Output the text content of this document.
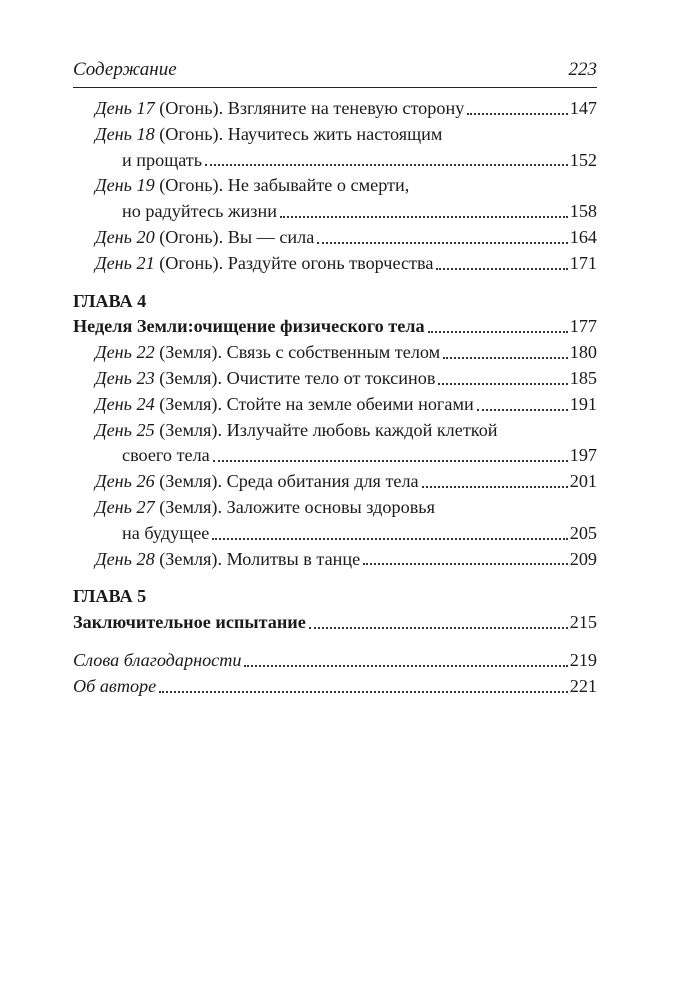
Содержание	223
День 17 (Огонь). Взгляните на теневую сторону	147
День 18 (Огонь). Научитесь жить настоящим
и прощать	152
День 19 (Огонь). Не забывайте о смерти,
но радуйтесь жизни	158
День 20 (Огонь). Вы — сила	164
День 21 (Огонь). Раздуйте огонь творчества	171
ГЛАВА 4
Неделя Земли:очищение физического тела	177
День 22 (Земля). Связь с собственным телом	180
День 23 (Земля). Очистите тело от токсинов	185
День 24 (Земля). Стойте на земле обеими ногами	191
День 25 (Земля). Излучайте любовь каждой клеткой
своего тела	197
День 26 (Земля). Среда обитания для тела	201
День 27 (Земля). Заложите основы здоровья
на будущее	205
День 28 (Земля). Молитвы в танце	209
ГЛАВА 5
Заключительное испытание	215
Слова благодарности	219
Об авторе	221
